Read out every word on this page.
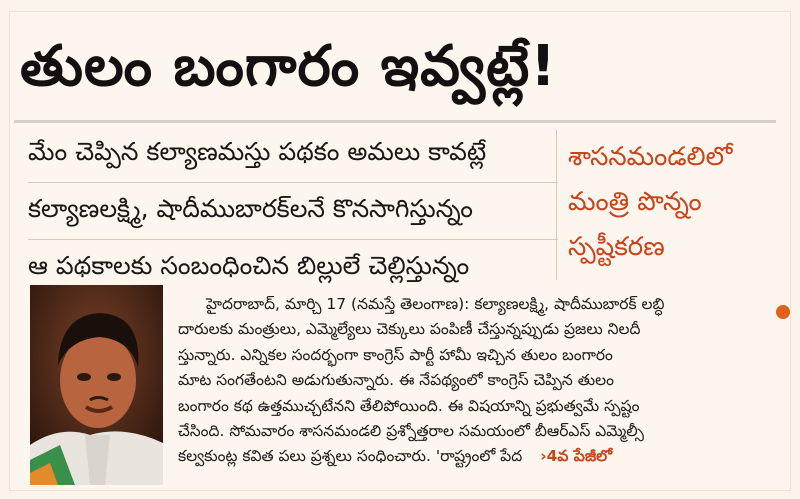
తులం బంగారం ఇవ్వట్లే!
మేం చెప్పిన కల్యాణమస్తు పథకం అమలు కావట్లే
కల్యాణలక్ష్మి, షాదీముబారక్‌లనే కొనసాగిస్తున్నం
ఆ పథకాలకు సంబంధించిన బిల్లులే చెల్లిస్తున్నం
శాసనమండలిలో
మంత్రి పొన్నం
స్పష్టీకరణ
హైదరాబాద్, మార్చి 17 (నమస్తే తెలంగాణ): కల్యాణలక్ష్మి, షాదీముబారక్ లబ్ధి
దారులకు మంత్రులు, ఎమ్మెల్యేలు చెక్కులు పంపిణీ చేస్తున్నప్పుడు ప్రజలు నిలదీ
స్తున్నారు. ఎన్నికల సందర్భంగా కాంగ్రెస్ పార్టీ హామీ ఇచ్చిన తులం బంగారం
మాట సంగతేంటని అడుగుతున్నారు. ఈ నేపథ్యంలో కాంగ్రెస్ చెప్పిన తులం
బంగారం కథ ఉత్తముచ్చటేనని తేలిపోయింది. ఈ విషయాన్ని ప్రభుత్వమే స్పష్టం
చేసింది. సోమవారం శాసనమండలి ప్రశ్నోత్తరాల సమయంలో బీఆర్‌ఎస్ ఎమ్మెల్సీ
కల్వకుంట్ల కవిత పలు ప్రశ్నలు సంధించారు. 'రాష్ట్రంలో పేద ›4వ పేజీలో
